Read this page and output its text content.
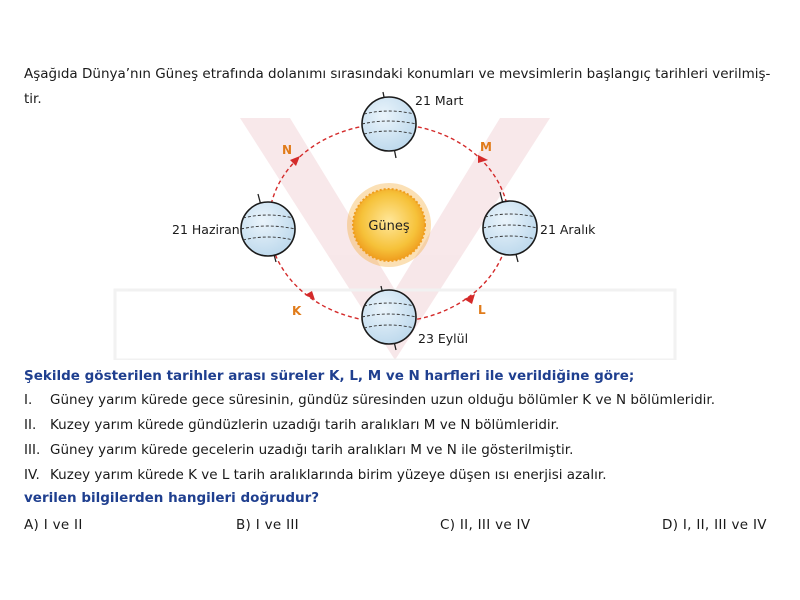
Aşağıda Dünya’nın Güneş etrafında dolanımı sırasındaki konumları ve mevsimlerin başlangıç tarihleri verilmiş-tir.
N	M
K	L
Güneş
21 Mart
21 Haziran	21 Aralık
23 Eylül
Şekilde gösterilen tarihler arası süreler K, L, M ve N harfleri ile verildiğine göre;
I. Güney yarım kürede gece süresinin, gündüz süresinden uzun olduğu bölümler K ve N bölümleridir.
II. Kuzey yarım kürede gündüzlerin uzadığı tarih aralıkları M ve N bölümleridir.
III. Güney yarım kürede gecelerin uzadığı tarih aralıkları M ve N ile gösterilmiştir.
IV. Kuzey yarım kürede K ve L tarih aralıklarında birim yüzeye düşen ısı enerjisi azalır.
verilen bilgilerden hangileri doğrudur?
A) I ve II	B) I ve III	C) II, III ve IV	D) I, II, III ve IV
